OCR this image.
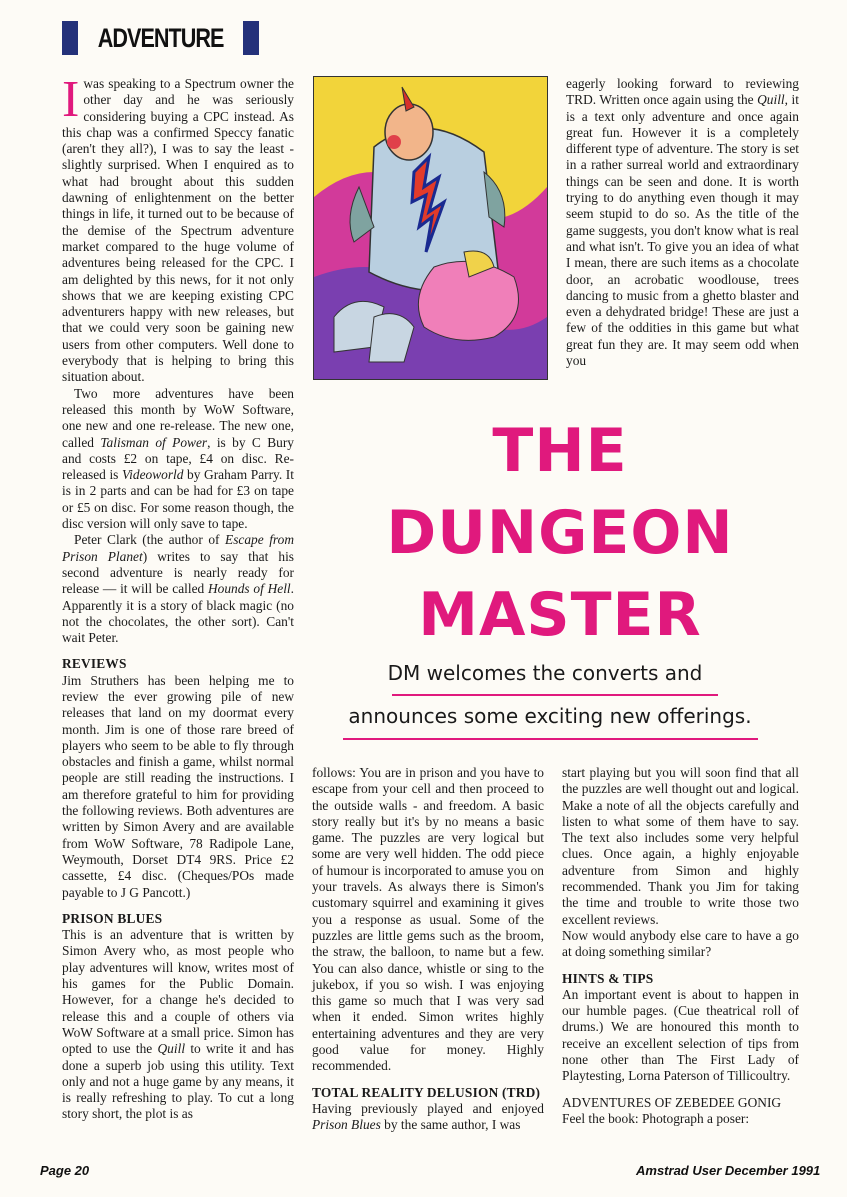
ADVENTURE

Iwas speaking to a Spectrum owner the other day and he was seriously considering buying a CPC instead. As this chap was a confirmed Speccy fanatic (aren't they all?), I was to say the least - slightly surprised. When I enquired as to what had brought about this sudden dawning of enlightenment on the better things in life, it turned out to be because of the demise of the Spectrum adventure market compared to the huge volume of adventures being released for the CPC. I am delighted by this news, for it not only shows that we are keeping existing CPC adventurers happy with new releases, but that we could very soon be gaining new users from other computers. Well done to everybody that is helping to bring this situation about.

Two more adventures have been released this month by WoW Software, one new and one re-release. The new one, called Talisman of Power, is by C Bury and costs £2 on tape, £4 on disc. Re-released is Videoworld by Graham Parry. It is in 2 parts and can be had for £3 on tape or £5 on disc. For some reason though, the disc version will only save to tape.

Peter Clark (the author of Escape from Prison Planet) writes to say that his second adventure is nearly ready for release — it will be called Hounds of Hell. Apparently it is a story of black magic (no not the chocolates, the other sort). Can't wait Peter.

REVIEWS

Jim Struthers has been helping me to review the ever growing pile of new releases that land on my doormat every month. Jim is one of those rare breed of players who seem to be able to fly through obstacles and finish a game, whilst normal people are still reading the instructions. I am therefore grateful to him for providing the following reviews. Both adventures are written by Simon Avery and are available from WoW Software, 78 Radipole Lane, Weymouth, Dorset DT4 9RS. Price £2 cassette, £4 disc. (Cheques/POs made payable to J G Pancott.)

PRISON BLUES

This is an adventure that is written by Simon Avery who, as most people who play adventures will know, writes most of his games for the Public Domain. However, for a change he's decided to release this and a couple of others via WoW Software at a small price. Simon has opted to use the Quill to write it and has done a superb job using this utility. Text only and not a huge game by any means, it is really refreshing to play. To cut a long story short, the plot is as

eagerly looking forward to reviewing TRD. Written once again using the Quill, it is a text only adventure and once again great fun. However it is a completely different type of adventure. The story is set in a rather surreal world and extraordinary things can be seen and done. It is worth trying to do anything even though it may seem stupid to do so. As the title of the game suggests, you don't know what is real and what isn't. To give you an idea of what I mean, there are such items as a chocolate door, an acrobatic woodlouse, trees dancing to music from a ghetto blaster and even a dehydrated bridge! These are just a few of the oddities in this game but what great fun they are. It may seem odd when you

THE
DUNGEON
MASTER
DM welcomes the converts and
announces some exciting new offerings.

follows: You are in prison and you have to escape from your cell and then proceed to the outside walls - and freedom. A basic story really but it's by no means a basic game. The puzzles are very logical but some are very well hidden. The odd piece of humour is incorporated to amuse you on your travels. As always there is Simon's customary squirrel and examining it gives you a response as usual. Some of the puzzles are little gems such as the broom, the straw, the balloon, to name but a few. You can also dance, whistle or sing to the jukebox, if you so wish. I was enjoying this game so much that I was very sad when it ended. Simon writes highly entertaining adventures and they are very good value for money. Highly recommended.

TOTAL REALITY DELUSION (TRD)

Having previously played and enjoyed Prison Blues by the same author, I was

start playing but you will soon find that all the puzzles are well thought out and logical. Make a note of all the objects carefully and listen to what some of them have to say. The text also includes some very helpful clues. Once again, a highly enjoyable adventure from Simon and highly recommended. Thank you Jim for taking the time and trouble to write those two excellent reviews.

Now would anybody else care to have a go at doing something similar?

HINTS & TIPS

An important event is about to happen in our humble pages. (Cue theatrical roll of drums.) We are honoured this month to receive an excellent selection of tips from none other than The First Lady of Playtesting, Lorna Paterson of Tillicoultry.

ADVENTURES OF ZEBEDEE GONIG

Feel the book: Photograph a poser:

Page 20	Amstrad User December 1991
